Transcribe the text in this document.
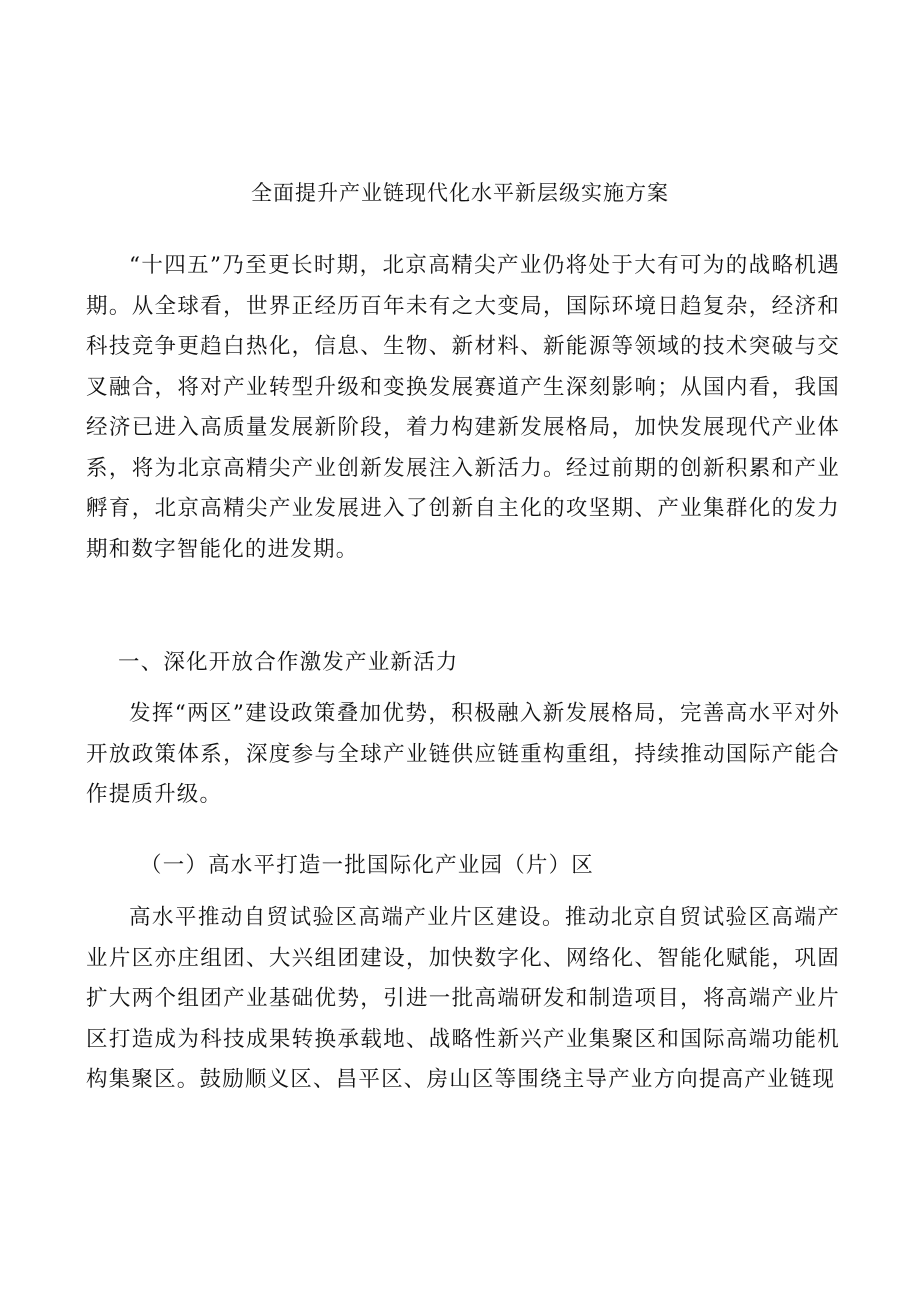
全面提升产业链现代化水平新层级实施方案

“十四五”乃至更长时期，北京高精尖产业仍将处于大有可为的战略机遇期。从全球看，世界正经历百年未有之大变局，国际环境日趋复杂，经济和科技竞争更趋白热化，信息、生物、新材料、新能源等领域的技术突破与交叉融合，将对产业转型升级和变换发展赛道产生深刻影响；从国内看，我国经济已进入高质量发展新阶段，着力构建新发展格局，加快发展现代产业体系，将为北京高精尖产业创新发展注入新活力。经过前期的创新积累和产业孵育，北京高精尖产业发展进入了创新自主化的攻坚期、产业集群化的发力期和数字智能化的进发期。

一、深化开放合作激发产业新活力

发挥“两区”建设政策叠加优势，积极融入新发展格局，完善高水平对外开放政策体系，深度参与全球产业链供应链重构重组，持续推动国际产能合作提质升级。

（一）高水平打造一批国际化产业园（片）区

高水平推动自贸试验区高端产业片区建设。推动北京自贸试验区高端产业片区亦庄组团、大兴组团建设，加快数字化、网络化、智能化赋能，巩固扩大两个组团产业基础优势，引进一批高端研发和制造项目，将高端产业片区打造成为科技成果转换承载地、战略性新兴产业集聚区和国际高端功能机构集聚区。鼓励顺义区、昌平区、房山区等围绕主导产业方向提高产业链现
